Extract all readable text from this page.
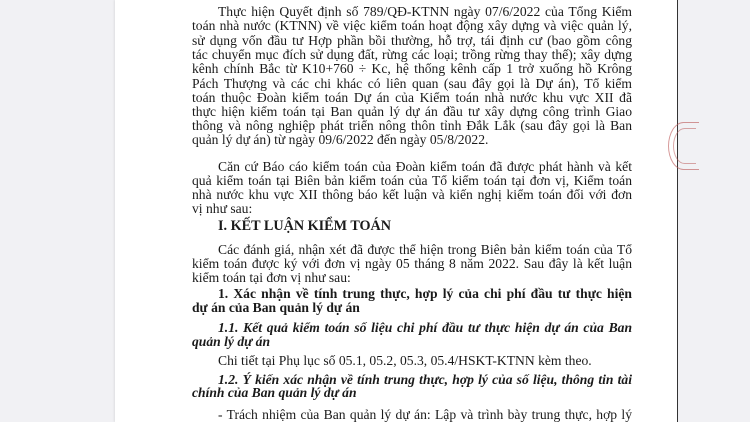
Thực hiện Quyết định số 789/QĐ-KTNN ngày 07/6/2022 của Tổng Kiểm
toán nhà nước (KTNN) về việc kiểm toán hoạt động xây dựng và việc quản lý,
sử dụng vốn đầu tư Hợp phần bồi thường, hỗ trợ, tái định cư (bao gồm công
tác chuyển mục đích sử dụng đất, rừng các loại; trồng rừng thay thế); xây dựng
kênh chính Bắc từ K10+760 ÷ Kc, hệ thống kênh cấp 1 trở xuống hồ Krông
Pách Thượng và các chi khác có liên quan (sau đây gọi là Dự án), Tổ kiểm
toán thuộc Đoàn kiểm toán Dự án của Kiểm toán nhà nước khu vực XII đã
thực hiện kiểm toán tại Ban quản lý dự án đầu tư xây dựng công trình Giao
thông và nông nghiệp phát triển nông thôn tỉnh Đắk Lắk (sau đây gọi là Ban
quản lý dự án) từ ngày 09/6/2022 đến ngày 05/8/2022.
Căn cứ Báo cáo kiểm toán của Đoàn kiểm toán đã được phát hành và kết
quả kiểm toán tại Biên bản kiểm toán của Tổ kiểm toán tại đơn vị, Kiểm toán
nhà nước khu vực XII thông báo kết luận và kiến nghị kiểm toán đối với đơn
vị như sau:
I. KẾT LUẬN KIỂM TOÁN
Các đánh giá, nhận xét đã được thể hiện trong Biên bản kiểm toán của Tổ
kiểm toán được ký với đơn vị ngày 05 tháng 8 năm 2022. Sau đây là kết luận
kiểm toán tại đơn vị như sau:
1. Xác nhận về tính trung thực, hợp lý của chi phí đầu tư thực hiện
dự án của Ban quản lý dự án
1.1. Kết quả kiểm toán số liệu chi phí đầu tư thực hiện dự án của Ban
quản lý dự án
Chi tiết tại Phụ lục số 05.1, 05.2, 05.3, 05.4/HSKT-KTNN kèm theo.
1.2. Ý kiến xác nhận về tính trung thực, hợp lý của số liệu, thông tin tài
chính của Ban quản lý dự án
- Trách nhiệm của Ban quản lý dự án: Lập và trình bày trung thực, hợp lý
